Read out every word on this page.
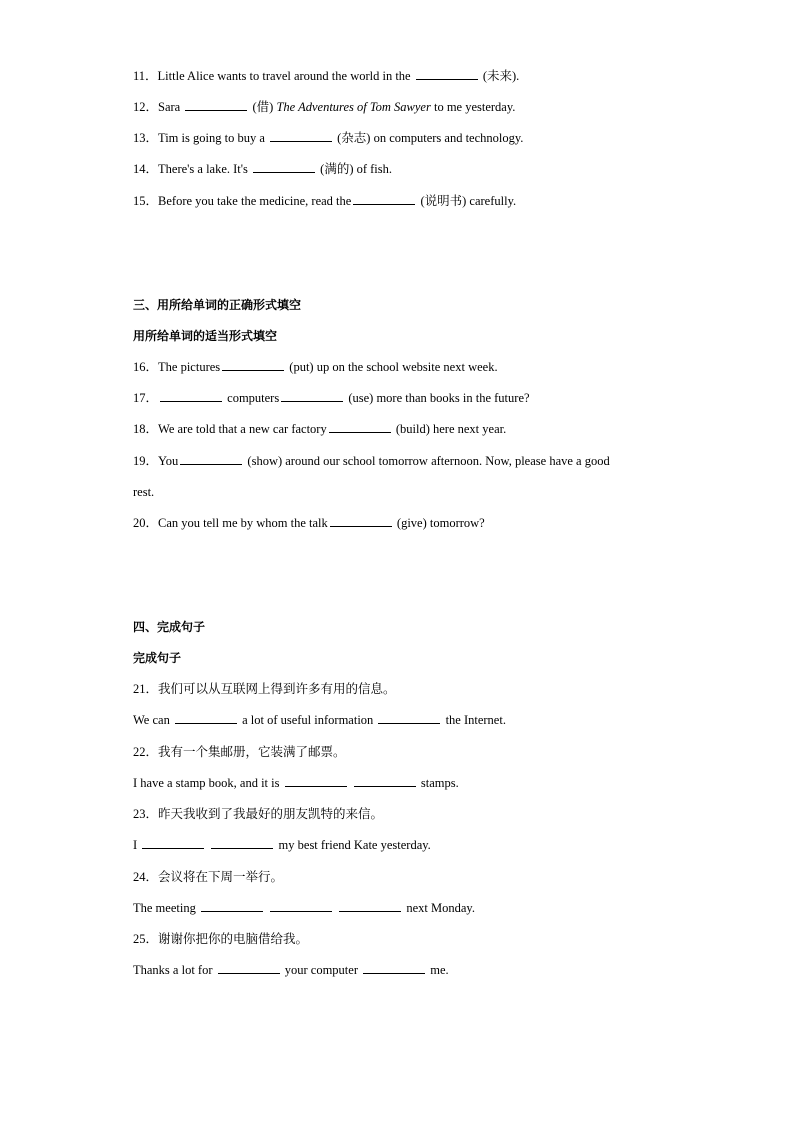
11．Little Alice wants to travel around the world in the	(未来).
12．Sara	(借) The Adventures of Tom Sawyer to me yesterday.
13．Tim is going to buy a	(杂志) on computers and technology.
14．There's a lake. It's	(满的) of fish.
15．Before you take the medicine, read the	(说明书) carefully.
三、用所给单词的正确形式填空
用所给单词的适当形式填空
16．The pictures	(put) up on the school website next week.
17．	computers	(use) more than books in the future?
18．We are told that a new car factory	(build) here next year.
19．You	(show) around our school tomorrow afternoon. Now, please have a good
rest.
20．Can you tell me by whom the talk	(give) tomorrow?
四、完成句子
完成句子
21．我们可以从互联网上得到许多有用的信息。
We can	a lot of useful information	the Internet.
22．我有一个集邮册，它装满了邮票。
I have a stamp book, and it is	stamps.
23．昨天我收到了我最好的朋友凯特的来信。
I	my best friend Kate yesterday.
24．会议将在下周一举行。
The meeting	next Monday.
25．谢谢你把你的电脑借给我。
Thanks a lot for	your computer	me.
